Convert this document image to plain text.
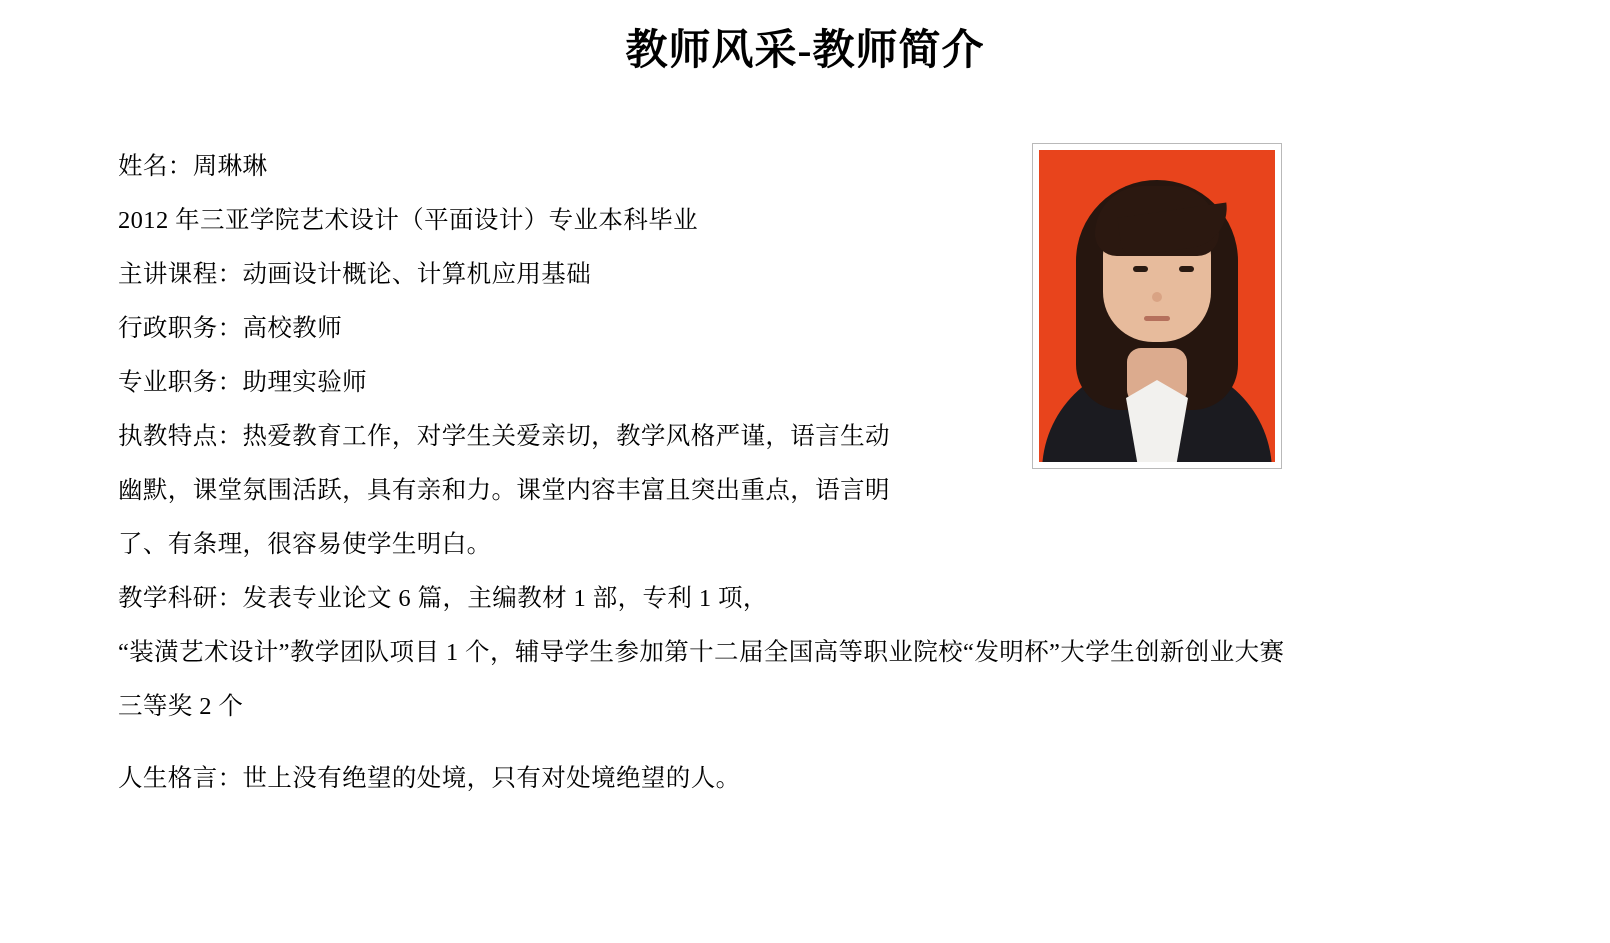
教师风采-教师简介
姓名：周琳琳
2012 年三亚学院艺术设计（平面设计）专业本科毕业
主讲课程：动画设计概论、计算机应用基础
行政职务：高校教师
专业职务：助理实验师
执教特点：热爱教育工作，对学生关爱亲切，教学风格严谨，语言生动
幽默，课堂氛围活跃，具有亲和力。课堂内容丰富且突出重点，语言明
了、有条理，很容易使学生明白。
教学科研：发表专业论文 6 篇，主编教材 1 部，专利 1 项，
“装潢艺术设计”教学团队项目 1 个，辅导学生参加第十二届全国高等职业院校“发明杯”大学生创新创业大赛
三等奖 2 个
人生格言：世上没有绝望的处境，只有对处境绝望的人。
